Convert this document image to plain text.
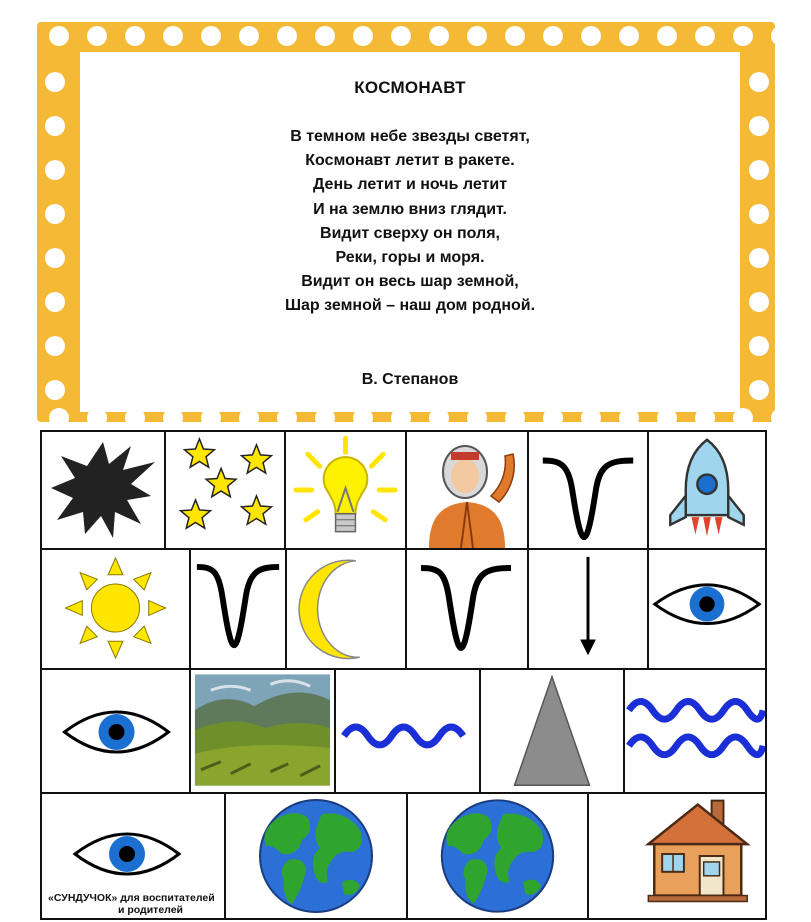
КОСМОНАВТ
В темном небе звезды светят,
Космонавт летит в ракете.
День летит и ночь летит
И на землю вниз глядит.
Видит сверху он поля,
Реки, горы и моря.
Видит он весь шар земной,
Шар земной – наш дом родной.
В. Степанов
«СУНДУЧОК» для воспитателей
и родителей
